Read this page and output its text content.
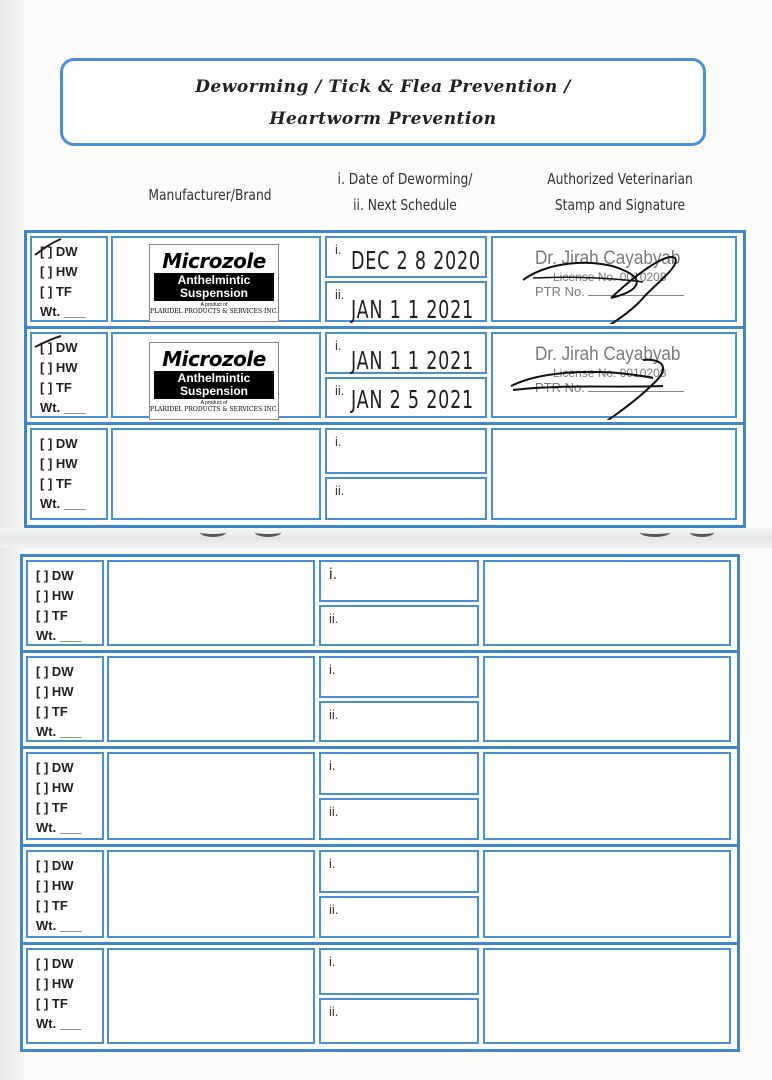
Deworming / Tick & Flea Prevention /
Heartworm Prevention
Manufacturer/Brand
i. Date of Deworming/
ii. Next Schedule
Authorized Veterinarian
Stamp and Signature
[ ] DW
[ ] HW
[ ] TF
Wt. ___
Microzole
Anthelmintic
Suspension
A product of
PLARIDEL PRODUCTS & SERVICES INC.
i. DEC 2 8 2020
ii.
JAN 1 1 2021
Dr. Jirah Cayabyab
License No. 0010208
PTR No.
[ ] DW
[ ] HW
[ ] TF
Wt. ___
Microzole
Anthelmintic
Suspension
A product of
PLARIDEL PRODUCTS & SERVICES INC.
i.
JAN 1 1 2021
ii. JAN 2 5 2021
Dr. Jirah Cayabyab
License No. 0010208
PTR No.
[ ] DW
[ ] HW
[ ] TF
Wt. ___
i.
ii.
[ ] DW
[ ] HW
[ ] TF
Wt. ___
i.
ii.
[ ] DW
[ ] HW
[ ] TF
Wt. ___
i.
ii.
[ ] DW
[ ] HW
[ ] TF
Wt. ___
i.
ii.
[ ] DW
[ ] HW
[ ] TF
Wt. ___
i.
ii.
[ ] DW
[ ] HW
[ ] TF
Wt. ___
i.
ii.
